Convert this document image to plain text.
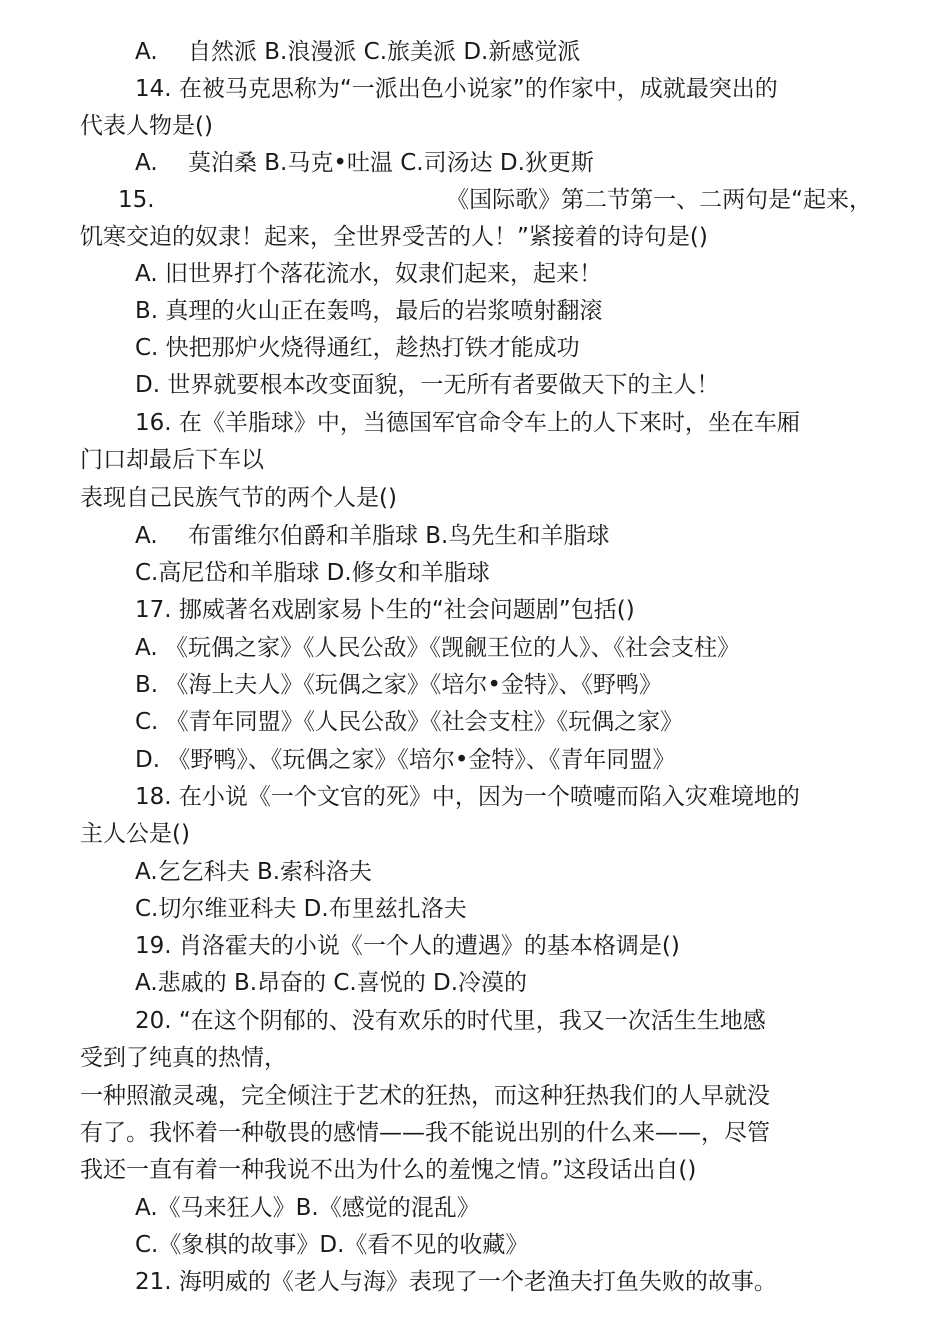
A.　 自然派 B.浪漫派 C.旅美派 D.新感觉派
14. 在被马克思称为“一派出色小说家”的作家中，成就最突出的
代表人物是()
A.　 莫泊桑 B.马克•吐温 C.司汤达 D.狄更斯
15.	《国际歌》第二节第一、二两句是“起来，
饥寒交迫的奴隶！起来，全世界受苦的人！”紧接着的诗句是()
A. 旧世界打个落花流水，奴隶们起来，起来！
B. 真理的火山正在轰鸣，最后的岩浆喷射翻滚
C. 快把那炉火烧得通红，趁热打铁才能成功
D. 世界就要根本改变面貌，一无所有者要做天下的主人！
16. 在《羊脂球》中，当德国军官命令车上的人下来时，坐在车厢
门口却最后下车以
表现自己民族气节的两个人是()
A.　 布雷维尔伯爵和羊脂球 B.鸟先生和羊脂球
C.高尼岱和羊脂球 D.修女和羊脂球
17. 挪威著名戏剧家易卜生的“社会问题剧”包括()
A. 《玩偶之家》《人民公敌》《觊觎王位的人》、《社会支柱》
B. 《海上夫人》《玩偶之家》《培尔•金特》、《野鸭》
C. 《青年同盟》《人民公敌》《社会支柱》《玩偶之家》
D. 《野鸭》、《玩偶之家》《培尔•金特》、《青年同盟》
18. 在小说《一个文官的死》中，因为一个喷嚏而陷入灾难境地的
主人公是()
A.乞乞科夫 B.索科洛夫
C.切尔维亚科夫 D.布里兹扎洛夫
19. 肖洛霍夫的小说《一个人的遭遇》的基本格调是()
A.悲戚的 B.昂奋的 C.喜悦的 D.冷漠的
20. “在这个阴郁的、没有欢乐的时代里，我又一次活生生地感
受到了纯真的热情，
一种照澈灵魂，完全倾注于艺术的狂热，而这种狂热我们的人早就没
有了。我怀着一种敬畏的感情——我不能说出别的什么来——，尽管
我还一直有着一种我说不出为什么的羞愧之情。”这段话出自()
A.《马来狂人》B.《感觉的混乱》
C.《象棋的故事》D.《看不见的收藏》
21. 海明威的《老人与海》表现了一个老渔夫打鱼失败的故事。
